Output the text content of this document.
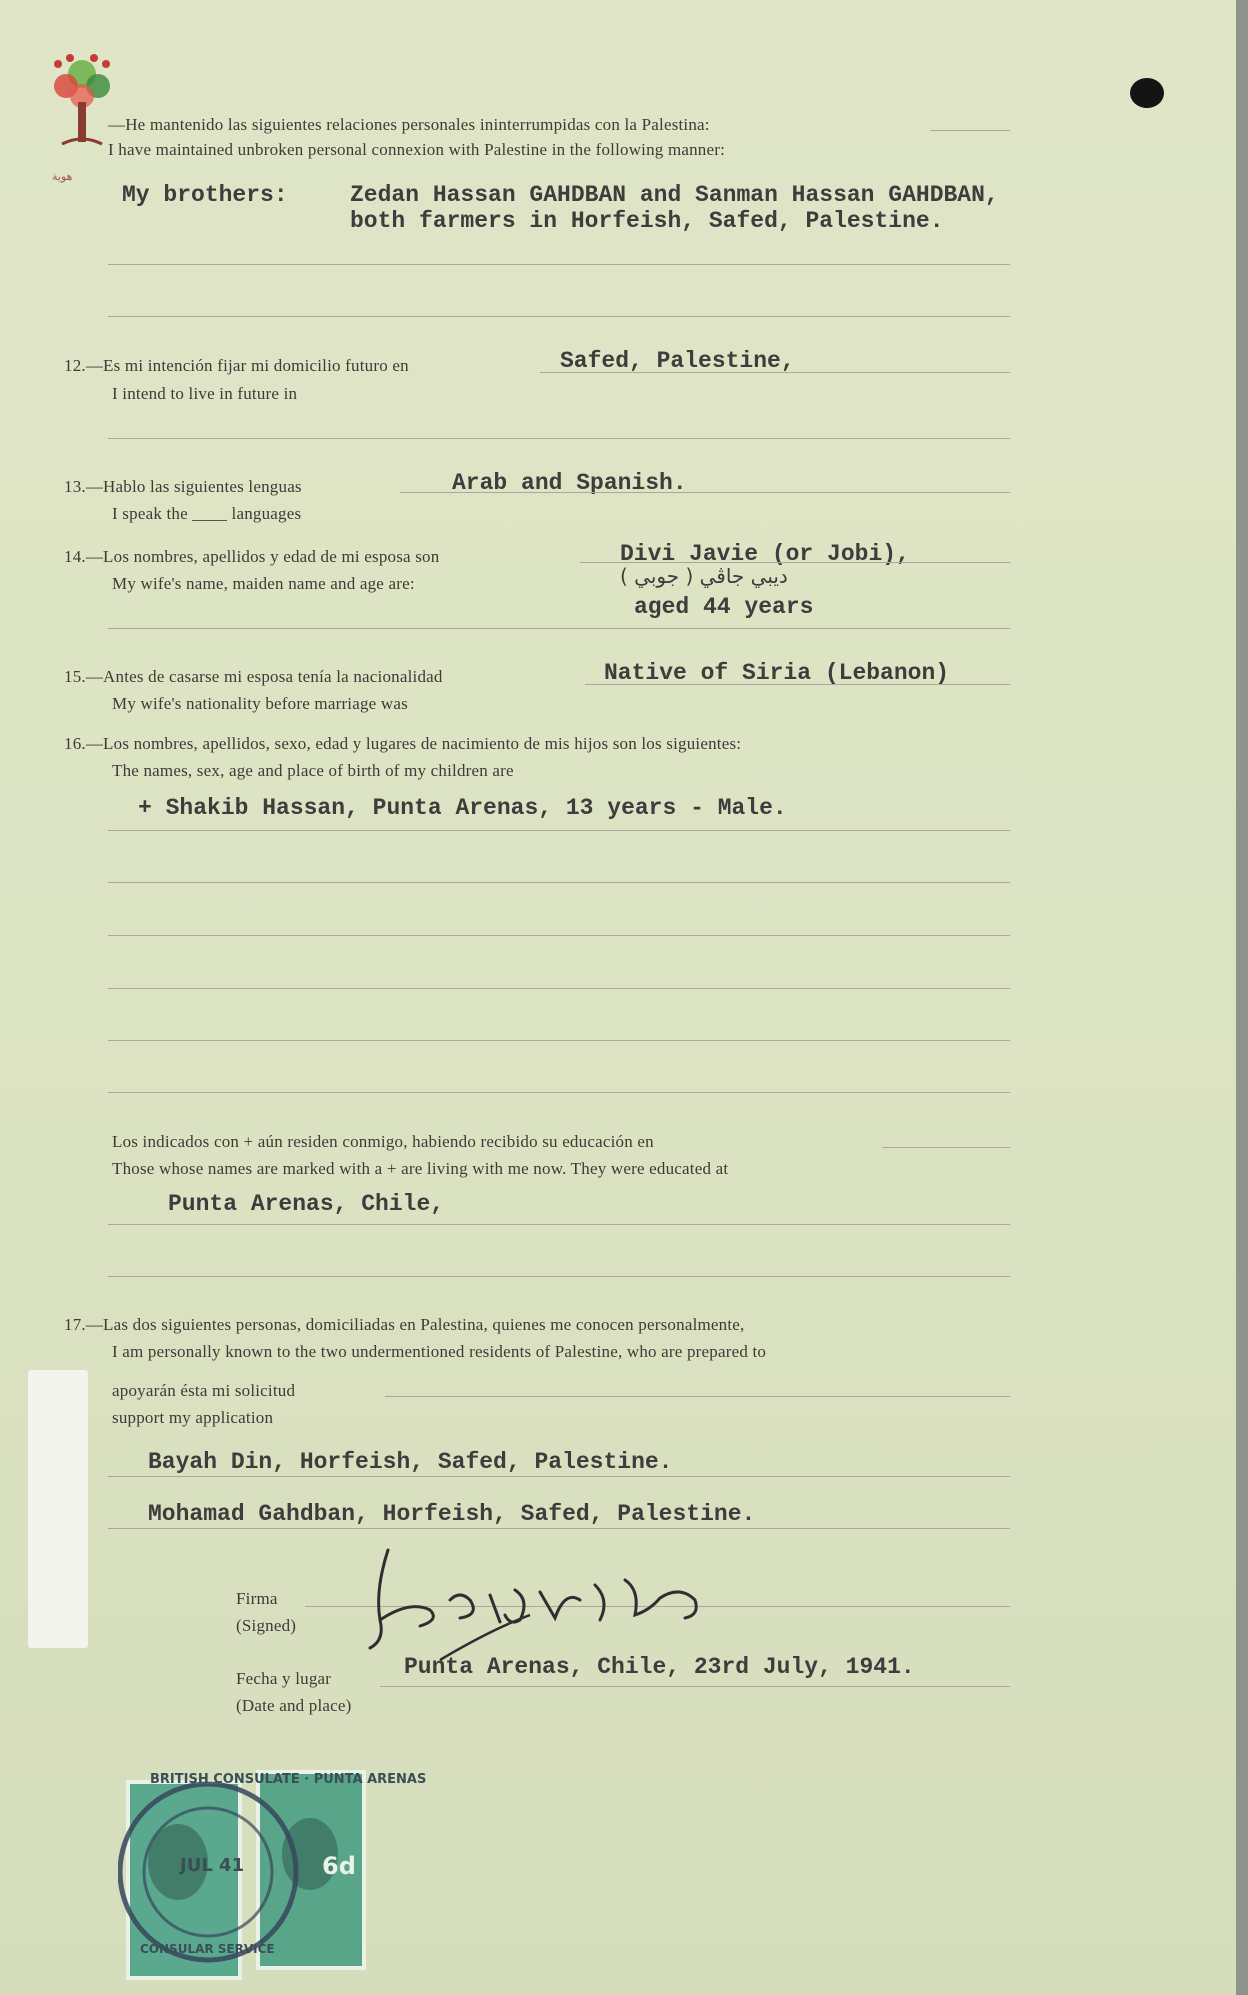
هوية
—He mantenido las siguientes relaciones personales ininterrumpidas con la Palestina:
I have maintained unbroken personal connexion with Palestine in the following manner:
My brothers:	Zedan Hassan GAHDBAN and Sanman Hassan GAHDBAN,
both farmers in Horfeish, Safed, Palestine.
12.—Es mi intención fijar mi domicilio futuro en
I intend to live in future in
Safed, Palestine,
13.—Hablo las siguientes lenguas
I speak the ____ languages
Arab and Spanish.
14.—Los nombres, apellidos y edad de mi esposa son
My wife's name, maiden name and age are:
Divi Javie (or Jobi),
ديبي جاڤي ( جوبي )
aged 44 years
15.—Antes de casarse mi esposa tenía la nacionalidad
My wife's nationality before marriage was
Native of Siria (Lebanon)
16.—Los nombres, apellidos, sexo, edad y lugares de nacimiento de mis hijos son los siguientes:
The names, sex, age and place of birth of my children are
+ Shakib Hassan, Punta Arenas, 13 years - Male.
Los indicados con + aún residen conmigo, habiendo recibido su educación en
Those whose names are marked with a + are living with me now. They were educated at
Punta Arenas, Chile,
17.—Las dos siguientes personas, domiciliadas en Palestina, quienes me conocen personalmente,
I am personally known to the two undermentioned residents of Palestine, who are prepared to
apoyarán ésta mi solicitud
support my application
Bayah Din, Horfeish, Safed, Palestine.
Mohamad Gahdban, Horfeish, Safed, Palestine.
Firma
(Signed)
Fecha y lugar
(Date and place)
Punta Arenas, Chile, 23rd July, 1941.
BRITISH CONSULATE · PUNTA ARENAS
JUL 41	6d
CONSULAR SERVICE
